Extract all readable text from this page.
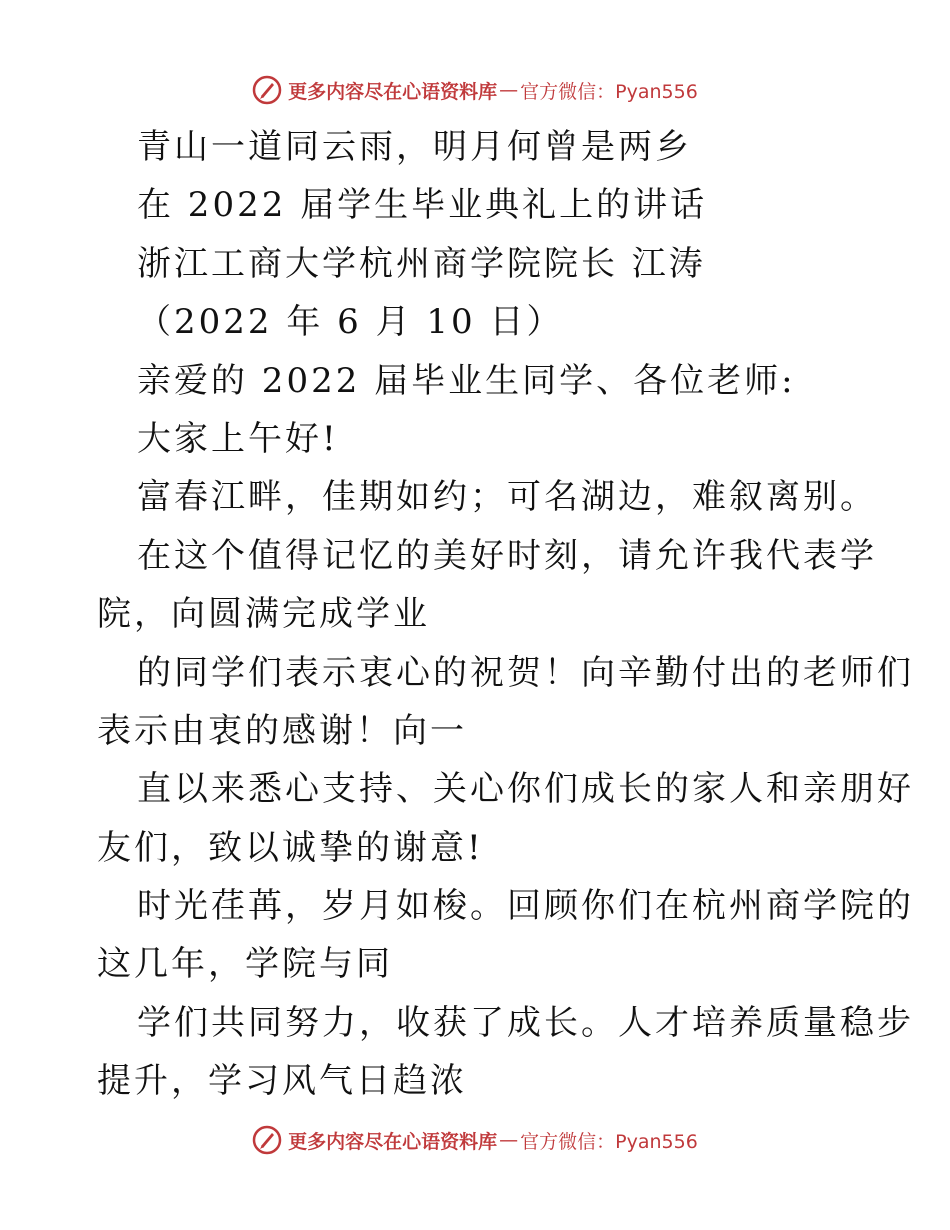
更多内容尽在心语资料库 — 官方微信：Pyan556
青山一道同云雨，明月何曾是两乡
在 2022 届学生毕业典礼上的讲话
浙江工商大学杭州商学院院长 江涛
（2022 年 6 月 10 日）
亲爱的 2022 届毕业生同学、各位老师:
大家上午好!
富春江畔，佳期如约；可名湖边，难叙离别。
在这个值得记忆的美好时刻，请允许我代表学
院，向圆满完成学业
的同学们表示衷心的祝贺！向辛勤付出的老师们
表示由衷的感谢！向一
直以来悉心支持、关心你们成长的家人和亲朋好
友们，致以诚挚的谢意!
时光荏苒，岁月如梭。回顾你们在杭州商学院的
这几年，学院与同
学们共同努力，收获了成长。人才培养质量稳步
提升，学习风气日趋浓
更多内容尽在心语资料库 — 官方微信：Pyan556
